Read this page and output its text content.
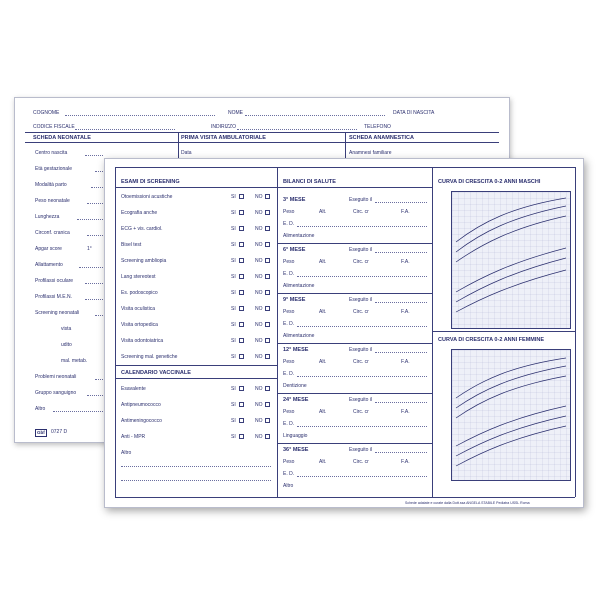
COGNOME	NOME	DATA DI NASCITA
CODICE FISCALE	INDIRIZZO	TELEFONO
SCHEDA NEONATALE	PRIMA VISITA AMBULATORIALE	SCHEDA ANAMNESTICA
Data	Anamnesi familiare
Centro nascita
Età gestazionale
Modalità parto
Peso neonatale
Lunghezza
Circonf. cranica
Apgar score	1°
Allattamento
Profilassi oculare
Profilassi M.E.N.
Screening neonatali
vista
udito
mal. metab.
Problemi neonatali
Gruppo sanguigno
Altro
Gbf	0727 D
ESAMI DI SCREENING
Otoemissioni acustiche	SI	NO
Ecografia anche	SI	NO
ECG + vis. cardiol.	SI	NO
Bisel test	SI	NO
Screening ambliopia	SI	NO
Lang stereotest	SI	NO
Es. podoscopico	SI	NO
Visita oculistica	SI	NO
Visita ortopedica	SI	NO
Visita odontoiatrica	SI	NO
Screening mal. genetiche	SI	NO
CALENDARIO VACCINALE
Esavalente	SI	NO
Antipneumococco	SI	NO
Antimeningococco	SI	NO
Anti - MPR	SI	NO
Altro
BILANCI DI SALUTE
3° MESE	Eseguito il
Peso	Alt.	Circ. cr	F.A.
E. D.
Alimentazione
6° MESE	Eseguito il
Peso	Alt.	Circ. cr	F.A.
E. D.
Alimentazione
9° MESE	Eseguito il
Peso	Alt.	Circ. cr	F.A.
E. D.
Alimentazione
12° MESE	Eseguito il
Peso	Alt.	Circ. cr	F.A.
E. D.
Dentizione
24° MESE	Eseguito il
Peso	Alt.	Circ. cr	F.A.
E. D.
Linguaggio
36° MESE	Eseguito il
Peso	Alt.	Circ. cr	F.A.
E. D.
Altro
CURVA DI CRESCITA 0-2 ANNI MASCHI
CURVA DI CRESCITA 0-2 ANNI FEMMINE
Schede adatate e curate dalla Dott.ssa ANGELA STABILE Pediatra USSL Roma
